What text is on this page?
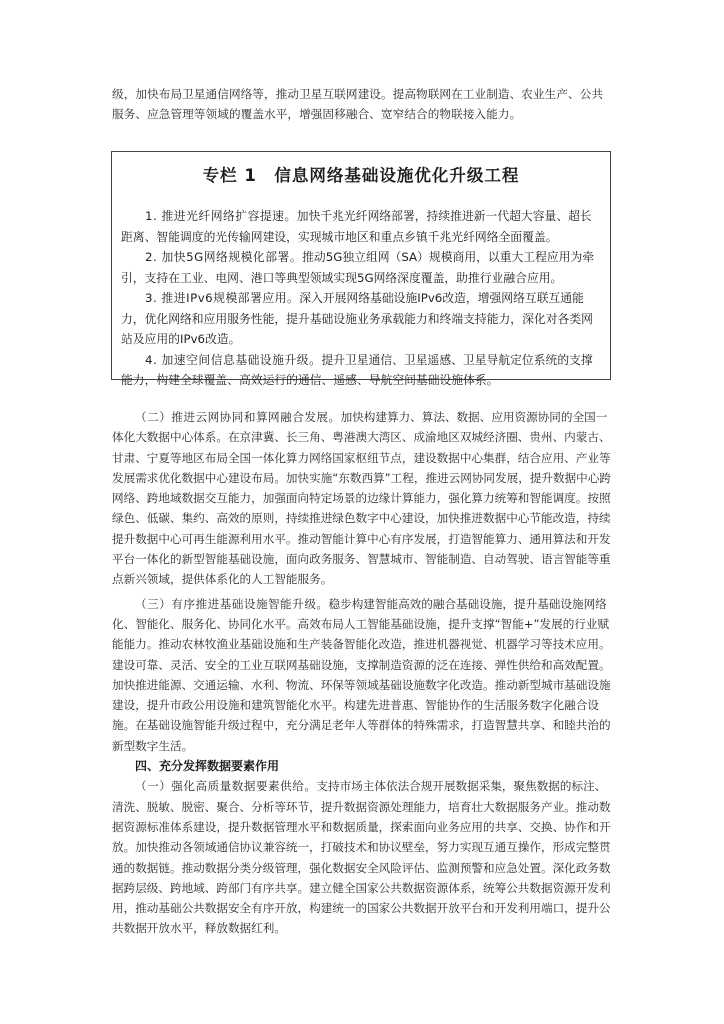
级，加快布局卫星通信网络等，推动卫星互联网建设。提高物联网在工业制造、农业生产、公共服务、应急管理等领域的覆盖水平，增强固移融合、宽窄结合的物联接入能力。

专栏 1　信息网络基础设施优化升级工程

1. 推进光纤网络扩容提速。加快千兆光纤网络部署，持续推进新一代超大容量、超长距离、智能调度的光传输网建设，实现城市地区和重点乡镇千兆光纤网络全面覆盖。

2. 加快5G网络规模化部署。推动5G独立组网（SA）规模商用，以重大工程应用为牵引，支持在工业、电网、港口等典型领域实现5G网络深度覆盖，助推行业融合应用。

3. 推进IPv6规模部署应用。深入开展网络基础设施IPv6改造，增强网络互联互通能力，优化网络和应用服务性能，提升基础设施业务承载能力和终端支持能力，深化对各类网站及应用的IPv6改造。

4. 加速空间信息基础设施升级。提升卫星通信、卫星遥感、卫星导航定位系统的支撑能力，构建全球覆盖、高效运行的通信、遥感、导航空间基础设施体系。

（二）推进云网协同和算网融合发展。加快构建算力、算法、数据、应用资源协同的全国一体化大数据中心体系。在京津冀、长三角、粤港澳大湾区、成渝地区双城经济圈、贵州、内蒙古、甘肃、宁夏等地区布局全国一体化算力网络国家枢纽节点，建设数据中心集群，结合应用、产业等发展需求优化数据中心建设布局。加快实施“东数西算”工程，推进云网协同发展，提升数据中心跨网络、跨地域数据交互能力，加强面向特定场景的边缘计算能力，强化算力统筹和智能调度。按照绿色、低碳、集约、高效的原则，持续推进绿色数字中心建设，加快推进数据中心节能改造，持续提升数据中心可再生能源利用水平。推动智能计算中心有序发展，打造智能算力、通用算法和开发平台一体化的新型智能基础设施，面向政务服务、智慧城市、智能制造、自动驾驶、语言智能等重点新兴领域，提供体系化的人工智能服务。

（三）有序推进基础设施智能升级。稳步构建智能高效的融合基础设施，提升基础设施网络化、智能化、服务化、协同化水平。高效布局人工智能基础设施，提升支撑“智能+”发展的行业赋能能力。推动农林牧渔业基础设施和生产装备智能化改造，推进机器视觉、机器学习等技术应用。建设可靠、灵活、安全的工业互联网基础设施，支撑制造资源的泛在连接、弹性供给和高效配置。加快推进能源、交通运输、水利、物流、环保等领域基础设施数字化改造。推动新型城市基础设施建设，提升市政公用设施和建筑智能化水平。构建先进普惠、智能协作的生活服务数字化融合设施。在基础设施智能升级过程中，充分满足老年人等群体的特殊需求，打造智慧共享、和睦共治的新型数字生活。

四、充分发挥数据要素作用

（一）强化高质量数据要素供给。支持市场主体依法合规开展数据采集，聚焦数据的标注、清洗、脱敏、脱密、聚合、分析等环节，提升数据资源处理能力，培育壮大数据服务产业。推动数据资源标准体系建设，提升数据管理水平和数据质量，探索面向业务应用的共享、交换、协作和开放。加快推动各领域通信协议兼容统一，打破技术和协议壁垒，努力实现互通互操作，形成完整贯通的数据链。推动数据分类分级管理，强化数据安全风险评估、监测预警和应急处置。深化政务数据跨层级、跨地域、跨部门有序共享。建立健全国家公共数据资源体系，统筹公共数据资源开发利用，推动基础公共数据安全有序开放，构建统一的国家公共数据开放平台和开发利用端口，提升公共数据开放水平，释放数据红利。
